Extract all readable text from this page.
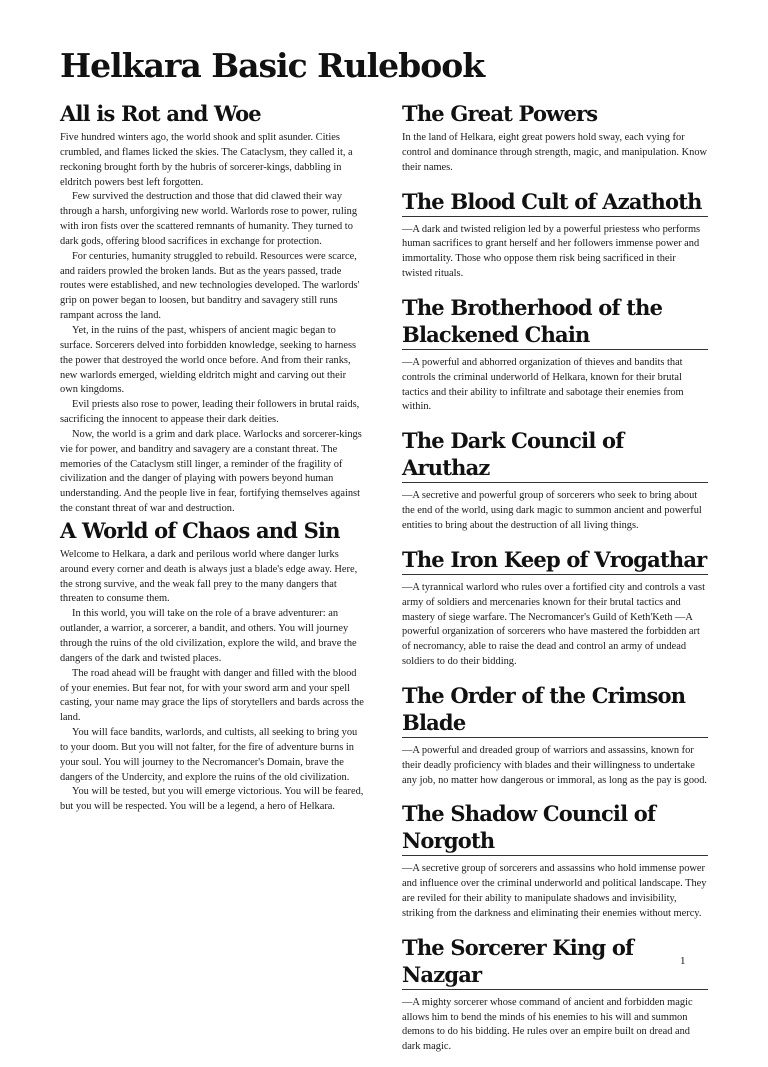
Helkara Basic Rulebook
All is Rot and Woe

Five hundred winters ago, the world shook and split asunder. Cities crumbled, and flames licked the skies. The Cataclysm, they called it, a reckoning brought forth by the hubris of sorcerer-kings, dabbling in eldritch powers best left forgotten.

Few survived the destruction and those that did clawed their way through a harsh, unforgiving new world. Warlords rose to power, ruling with iron fists over the scattered remnants of humanity. They turned to dark gods, offering blood sacrifices in exchange for protection.

For centuries, humanity struggled to rebuild. Resources were scarce, and raiders prowled the broken lands. But as the years passed, trade routes were established, and new technologies developed. The warlords' grip on power began to loosen, but banditry and savagery still runs rampant across the land.

Yet, in the ruins of the past, whispers of ancient magic began to surface. Sorcerers delved into forbidden knowledge, seeking to harness the power that destroyed the world once before. And from their ranks, new warlords emerged, wielding eldritch might and carving out their own kingdoms.

Evil priests also rose to power, leading their followers in brutal raids, sacrificing the innocent to appease their dark deities.

Now, the world is a grim and dark place. Warlocks and sorcerer-kings vie for power, and banditry and savagery are a constant threat. The memories of the Cataclysm still linger, a reminder of the fragility of civilization and the danger of playing with powers beyond human understanding. And the people live in fear, fortifying themselves against the constant threat of war and destruction.

A World of Chaos and Sin

Welcome to Helkara, a dark and perilous world where danger lurks around every corner and death is always just a blade's edge away. Here, the strong survive, and the weak fall prey to the many dangers that threaten to consume them.

In this world, you will take on the role of a brave adventurer: an outlander, a warrior, a sorcerer, a bandit, and others. You will journey through the ruins of the old civilization, explore the wild, and brave the dangers of the dark and twisted places.

The road ahead will be fraught with danger and filled with the blood of your enemies. But fear not, for with your sword arm and your spell casting, your name may grace the lips of storytellers and bards across the land.

You will face bandits, warlords, and cultists, all seeking to bring you to your doom. But you will not falter, for the fire of adventure burns in your soul. You will journey to the Necromancer's Domain, brave the dangers of the Undercity, and explore the ruins of the old civilization.

You will be tested, but you will emerge victorious. You will be feared, but you will be respected. You will be a legend, a hero of Helkara.

The Great Powers

In the land of Helkara, eight great powers hold sway, each vying for control and dominance through strength, magic, and manipulation. Know their names.

The Blood Cult of Azathoth

—A dark and twisted religion led by a powerful priestess who performs human sacrifices to grant herself and her followers immense power and immortality. Those who oppose them risk being sacrificed in their twisted rituals.

The Brotherhood of the Blackened Chain

—A powerful and abhorred organization of thieves and bandits that controls the criminal underworld of Helkara, known for their brutal tactics and their ability to infiltrate and sabotage their enemies from within.

The Dark Council of Aruthaz

—A secretive and powerful group of sorcerers who seek to bring about the end of the world, using dark magic to summon ancient and powerful entities to bring about the destruction of all living things.

The Iron Keep of Vrogathar

—A tyrannical warlord who rules over a fortified city and controls a vast army of soldiers and mercenaries known for their brutal tactics and mastery of siege warfare. The Necromancer's Guild of Keth'Keth —A powerful organization of sorcerers who have mastered the forbidden art of necromancy, able to raise the dead and control an army of undead soldiers to do their bidding.

The Order of the Crimson Blade

—A powerful and dreaded group of warriors and assassins, known for their deadly proficiency with blades and their willingness to undertake any job, no matter how dangerous or immoral, as long as the pay is good.

The Shadow Council of Norgoth

—A secretive group of sorcerers and assassins who hold immense power and influence over the criminal underworld and political landscape. They are reviled for their ability to manipulate shadows and invisibility, striking from the darkness and eliminating their enemies without mercy.

The Sorcerer King of Nazgar

—A mighty sorcerer whose command of ancient and forbidden magic allows him to bend the minds of his enemies to his will and summon demons to do his bidding. He rules over an empire built on dread and dark magic.

1
